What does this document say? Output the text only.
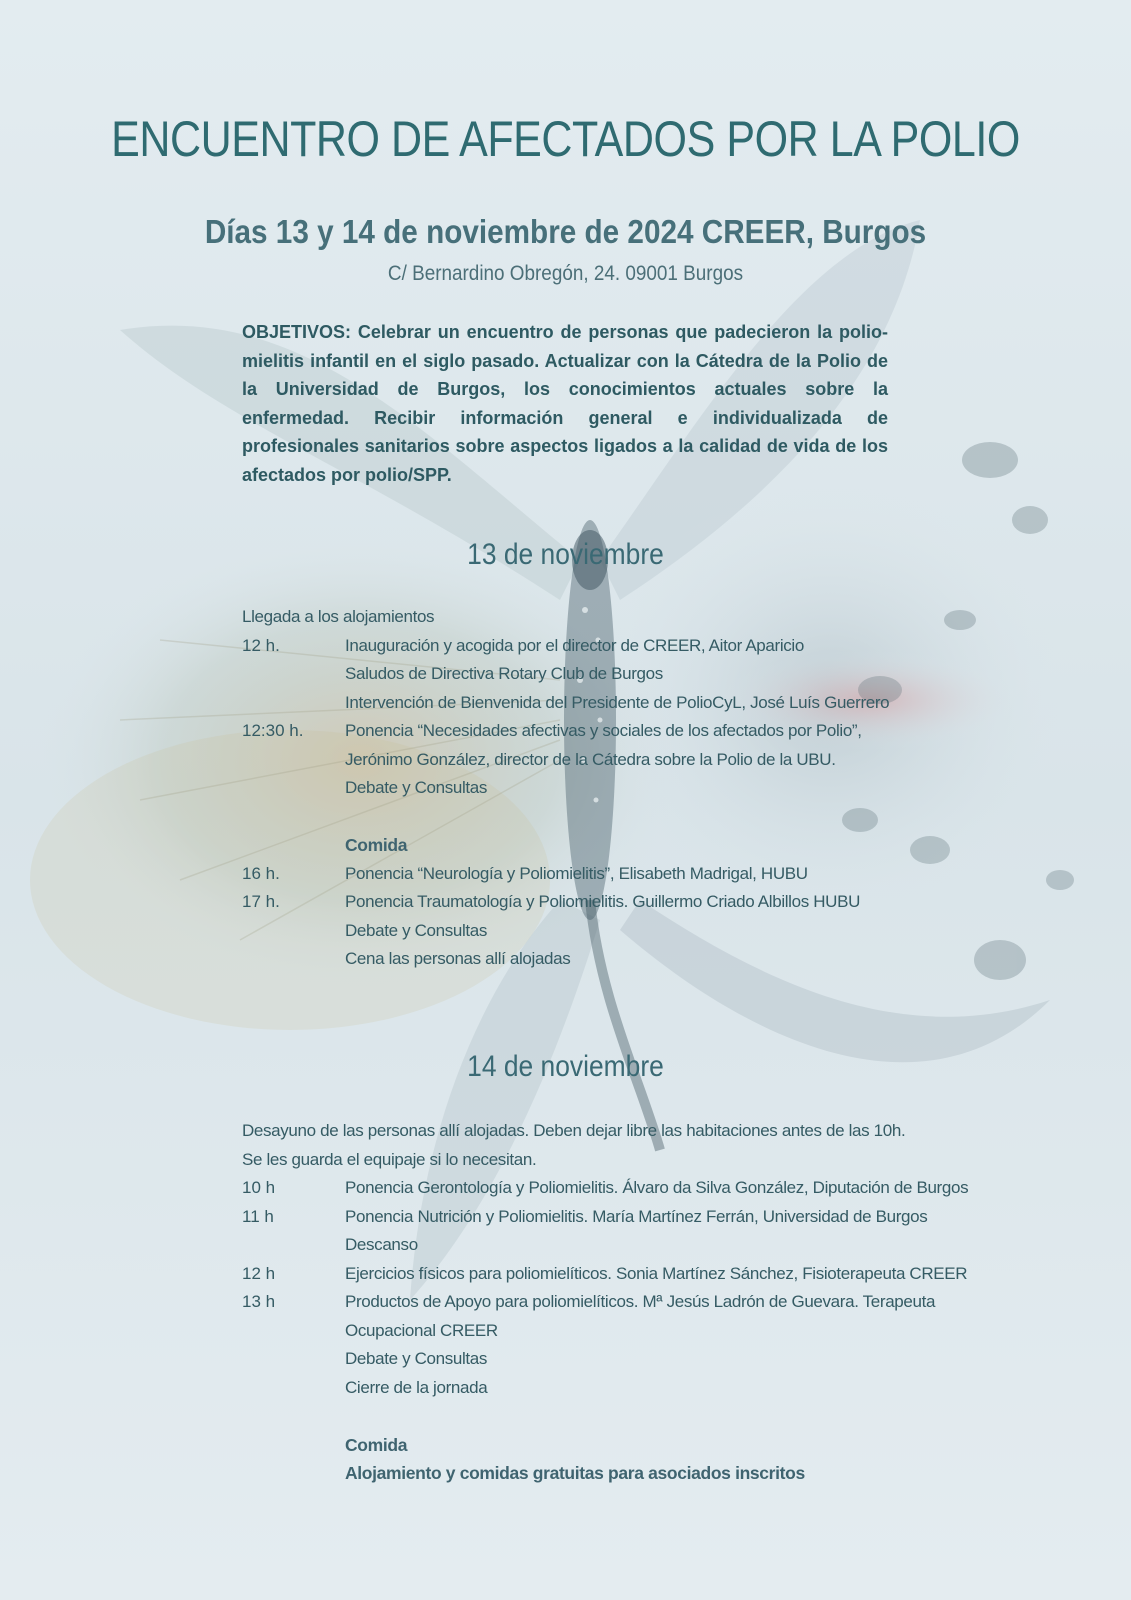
ENCUENTRO DE AFECTADOS POR LA POLIO
Días 13 y 14 de noviembre de 2024 CREER, Burgos
C/ Bernardino Obregón, 24. 09001 Burgos
OBJETIVOS: Celebrar un encuentro de personas que padecieron la polio-mielitis infantil en el siglo pasado. Actualizar con la Cátedra de la Polio de la Universidad de Burgos, los conocimientos actuales sobre la enfermedad. Recibir información general e individualizada de profesionales sanitarios sobre aspectos ligados a la calidad de vida de los afectados por polio/SPP.
13 de noviembre
Llegada a los alojamientos
12 h.	Inauguración y acogida por el director de CREER, Aitor Aparicio
Saludos de Directiva Rotary Club de Burgos
Intervención de Bienvenida del Presidente de PolioCyL, José Luís Guerrero
12:30 h.	Ponencia “Necesidades afectivas y sociales de los afectados por Polio”,
Jerónimo González, director de la Cátedra sobre la Polio de la UBU.
Debate y Consultas
Comida
16 h.	Ponencia “Neurología y Poliomielitis”, Elisabeth Madrigal, HUBU
17 h.	Ponencia Traumatología y Poliomielitis. Guillermo Criado Albillos HUBU
Debate y Consultas
Cena las personas allí alojadas
14 de noviembre
Desayuno de las personas allí alojadas. Deben dejar libre las habitaciones antes de las 10h.
Se les guarda el equipaje si lo necesitan.
10 h	Ponencia Gerontología y Poliomielitis. Álvaro da Silva González, Diputación de Burgos
11 h	Ponencia Nutrición y Poliomielitis. María Martínez Ferrán, Universidad de Burgos
Descanso
12 h	Ejercicios físicos para poliomielíticos. Sonia Martínez Sánchez, Fisioterapeuta CREER
13 h	Productos de Apoyo para poliomielíticos. Mª Jesús Ladrón de Guevara. Terapeuta
Ocupacional CREER
Debate y Consultas
Cierre de la jornada
Comida
Alojamiento y comidas gratuitas para asociados inscritos
